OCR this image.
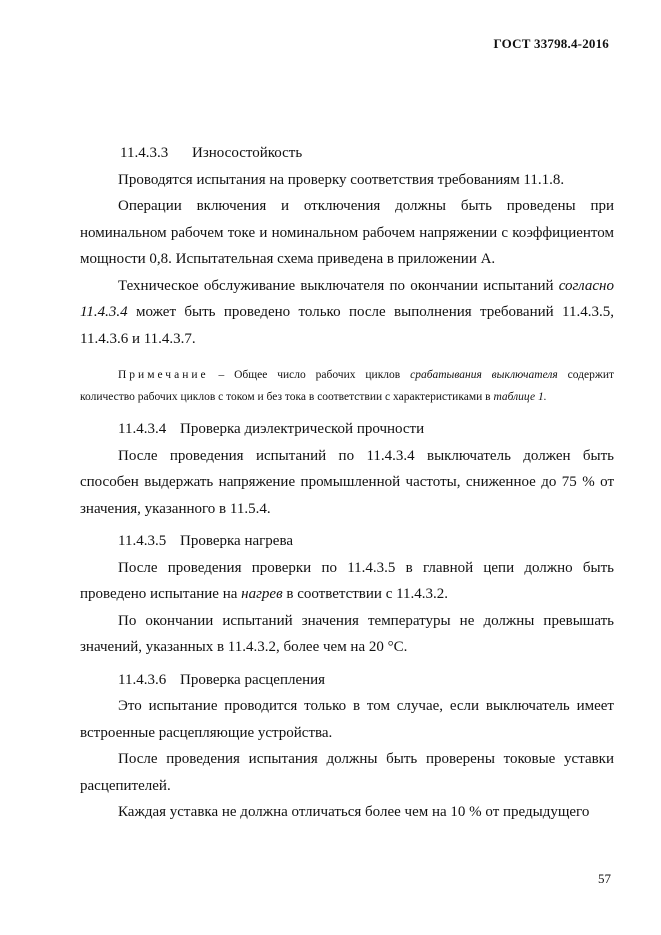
ГОСТ 33798.4-2016

11.4.3.3 Износостойкость

Проводятся испытания на проверку соответствия требованиям 11.1.8.

Операции включения и отключения должны быть проведены при номинальном рабочем токе и номинальном рабочем напряжении с коэффициентом мощности 0,8. Испытательная схема приведена в приложении А.

Техническое обслуживание выключателя по окончании испытаний согласно 11.4.3.4 может быть проведено только после выполнения требований 11.4.3.5, 11.4.3.6 и 11.4.3.7.

Примечание – Общее число рабочих циклов срабатывания выключателя содержит количество рабочих циклов с током и без тока в соответствии с характеристиками в таблице 1.

11.4.3.4 Проверка диэлектрической прочности

После проведения испытаний по 11.4.3.4 выключатель должен быть способен выдержать напряжение промышленной частоты, сниженное до 75 % от значения, указанного в 11.5.4.

11.4.3.5 Проверка нагрева

После проведения проверки по 11.4.3.5 в главной цепи должно быть проведено испытание на нагрев в соответствии с 11.4.3.2.

По окончании испытаний значения температуры не должны превышать значений, указанных в 11.4.3.2, более чем на 20 °С.

11.4.3.6 Проверка расцепления

Это испытание проводится только в том случае, если выключатель имеет встроенные расцепляющие устройства.

После проведения испытания должны быть проверены токовые уставки расцепителей.

Каждая уставка не должна отличаться более чем на 10 % от предыдущего

57
